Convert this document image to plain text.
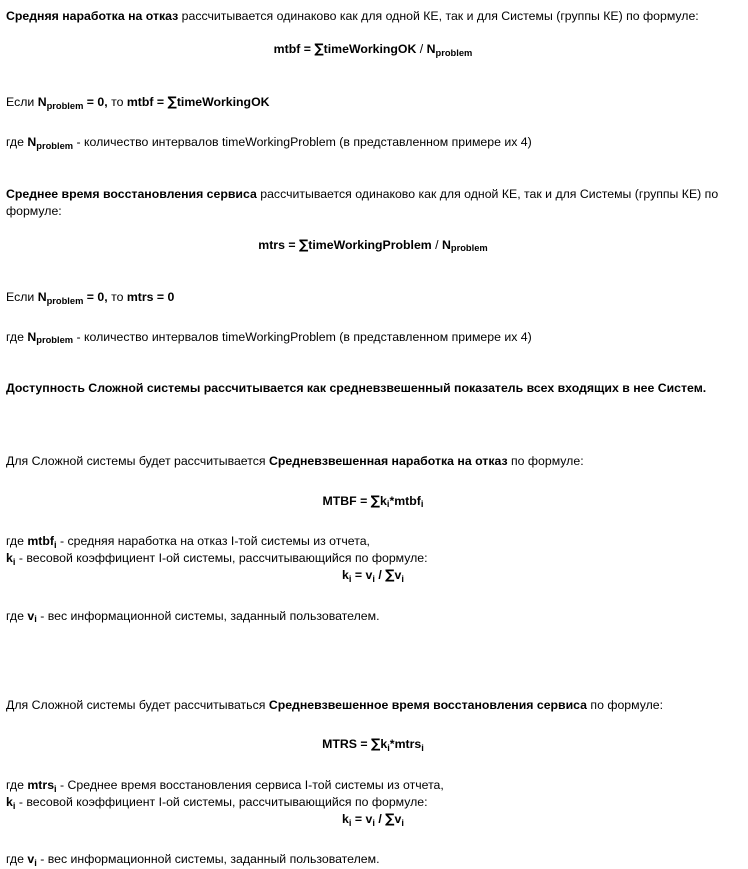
Средняя наработка на отказ рассчитывается одинаково как для одной КЕ, так и для Системы (группы КЕ) по формуле:

mtbf = ∑timeWorkingOK / $N_{problem}$

Если $N_{problem} = 0$, то mtbf = ∑timeWorkingOK

где $N_{problem}$ - количество интервалов timeWorkingProblem (в представленном примере их 4)

Среднее время восстановления сервиса рассчитывается одинаково как для одной КЕ, так и для Системы (группы КЕ) по формуле:

mtrs = ∑timeWorkingProblem / $N_{problem}$

Если $N_{problem} = 0$, то mtrs = 0

где $N_{problem}$ - количество интервалов timeWorkingProblem (в представленном примере их 4)

Доступность Сложной системы рассчитывается как средневзвешенный показатель всех входящих в нее Систем.

Для Сложной системы будет рассчитывается Средневзвешенная наработка на отказ по формуле:

MTBF = $\sum k_i*mtbf_i$

где mtbf$_i$ - средняя наработка на отказ I-той системы из отчета,

$k_i$ - весовой коэффициент I-ой системы, рассчитывающийся по формуле:

$k_i = v_i / \sum v_i$

где $v_i$ - вес информационной системы, заданный пользователем.

Для Сложной системы будет рассчитываться Средневзвешенное время восстановления сервиса по формуле:

MTRS = $\sum k_i*mtrs_i$

где mtrs$_i$ - Среднее время восстановления сервиса I-той системы из отчета,

$k_i$ - весовой коэффициент I-ой системы, рассчитывающийся по формуле:

$k_i = v_i / \sum v_i$

где $v_i$ - вес информационной системы, заданный пользователем.
